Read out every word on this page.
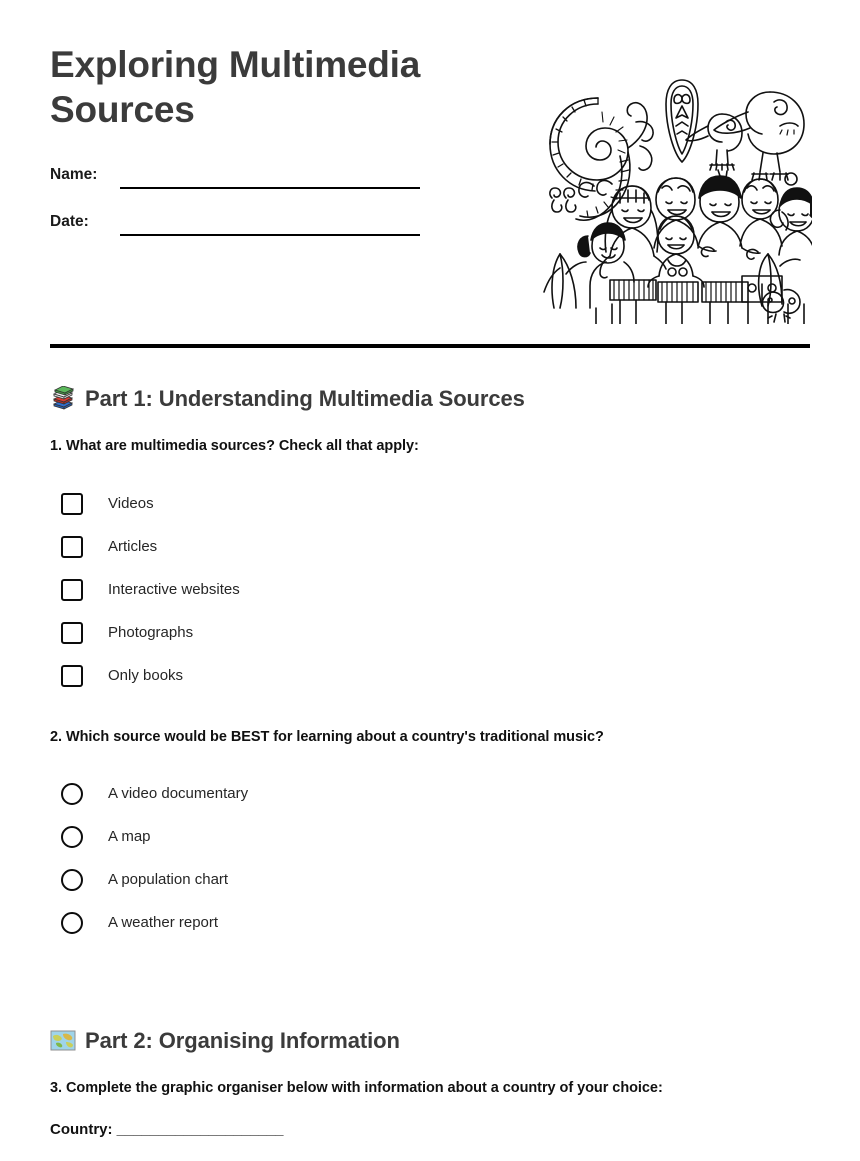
Exploring Multimedia Sources
Name:
Date:
Part 1: Understanding Multimedia Sources
1. What are multimedia sources? Check all that apply:
Videos
Articles
Interactive websites
Photographs
Only books
2. Which source would be BEST for learning about a country's traditional music?
A video documentary
A map
A population chart
A weather report
Part 2: Organising Information
3. Complete the graphic organiser below with information about a country of your choice:
Country: ____________________
